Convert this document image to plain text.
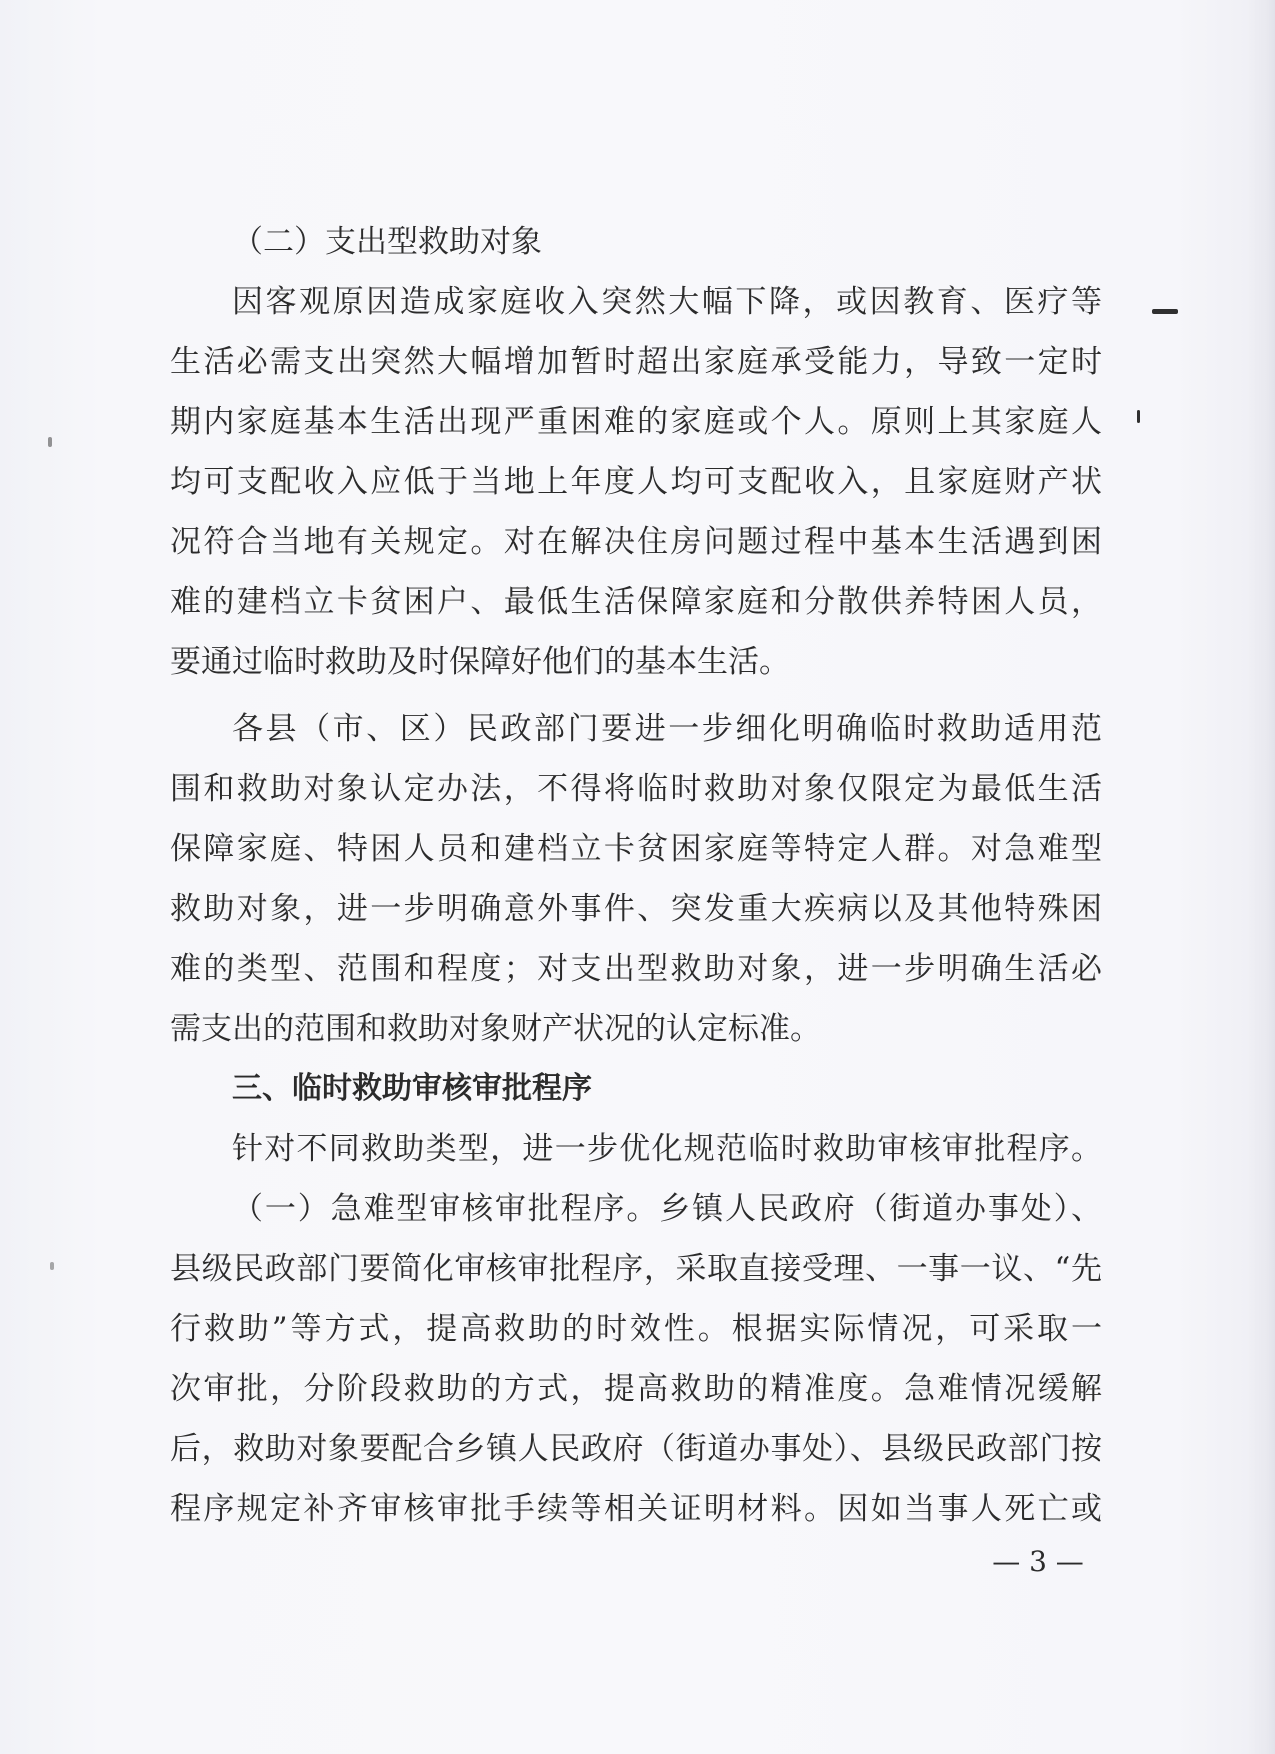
（二）支出型救助对象
因客观原因造成家庭收入突然大幅下降，或因教育、医疗等
生活必需支出突然大幅增加暂时超出家庭承受能力，导致一定时
期内家庭基本生活出现严重困难的家庭或个人。原则上其家庭人
均可支配收入应低于当地上年度人均可支配收入，且家庭财产状
况符合当地有关规定。对在解决住房问题过程中基本生活遇到困
难的建档立卡贫困户、最低生活保障家庭和分散供养特困人员，
要通过临时救助及时保障好他们的基本生活。
各县（市、区）民政部门要进一步细化明确临时救助适用范
围和救助对象认定办法，不得将临时救助对象仅限定为最低生活
保障家庭、特困人员和建档立卡贫困家庭等特定人群。对急难型
救助对象，进一步明确意外事件、突发重大疾病以及其他特殊困
难的类型、范围和程度；对支出型救助对象，进一步明确生活必
需支出的范围和救助对象财产状况的认定标准。
三、临时救助审核审批程序
针对不同救助类型，进一步优化规范临时救助审核审批程序。
（一）急难型审核审批程序。乡镇人民政府（街道办事处）、
县级民政部门要简化审核审批程序，采取直接受理、一事一议、“先
行救助”等方式，提高救助的时效性。根据实际情况，可采取一
次审批，分阶段救助的方式，提高救助的精准度。急难情况缓解
后，救助对象要配合乡镇人民政府（街道办事处）、县级民政部门按
程序规定补齐审核审批手续等相关证明材料。因如当事人死亡或
— 3 —
